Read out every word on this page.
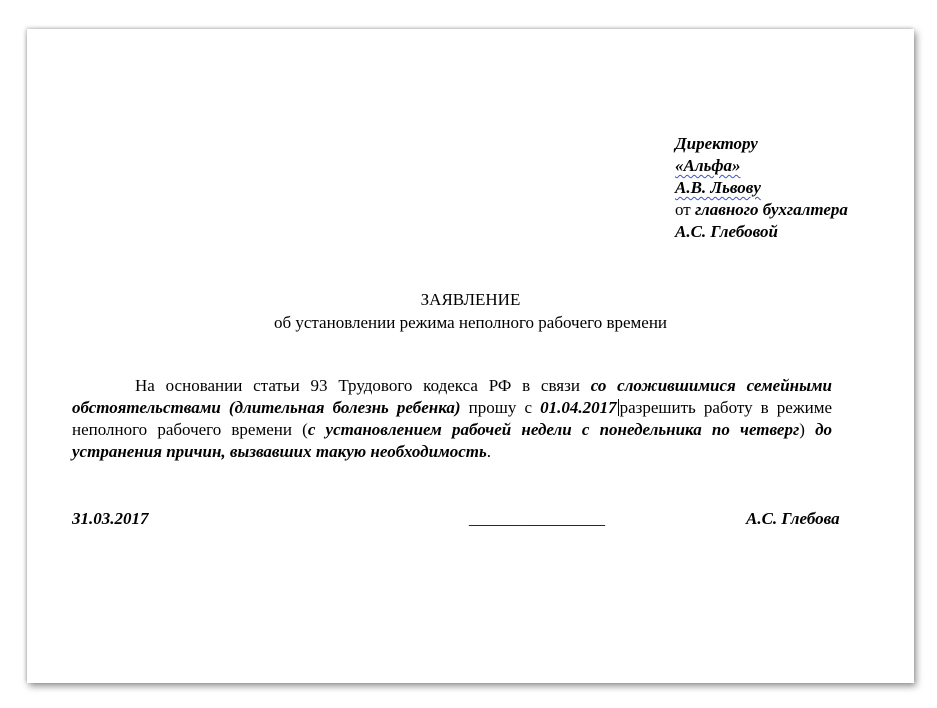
Директору
«Альфа»
А.В. Львову
от главного бухгалтера
А.С. Глебовой
ЗАЯВЛЕНИЕ
об установлении режима неполного рабочего времени
На основании статьи 93 Трудового кодекса РФ в связи со сложившимися семейными обстоятельствами (длительная болезнь ребенка) прошу с 01.04.2017 разрешить работу в режиме неполного рабочего времени (с установлением рабочей недели с понедельника по четверг) до устранения причин, вызвавших такую необходимость.
31.03.2017	________________	А.С. Глебова
